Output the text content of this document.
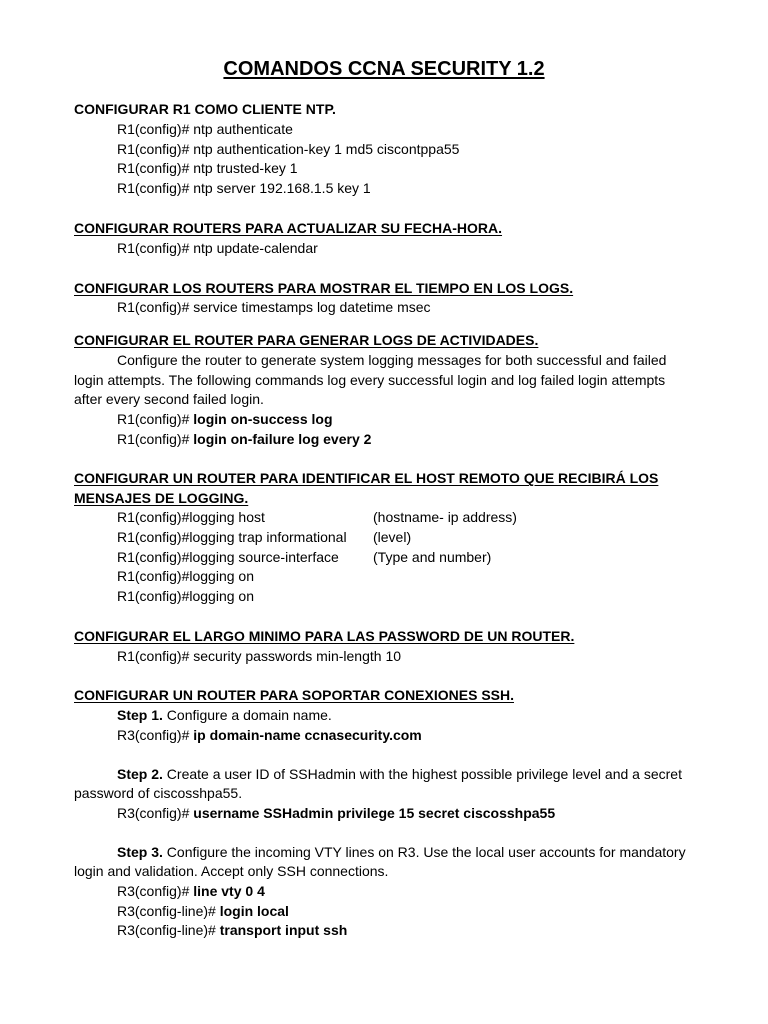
COMANDOS CCNA SECURITY 1.2
CONFIGURAR R1 COMO CLIENTE NTP.
R1(config)# ntp authenticate
R1(config)# ntp authentication-key 1 md5 ciscontppa55
R1(config)# ntp trusted-key 1
R1(config)# ntp server 192.168.1.5 key 1
CONFIGURAR ROUTERS PARA ACTUALIZAR SU FECHA-HORA.
R1(config)# ntp update-calendar
CONFIGURAR LOS ROUTERS PARA MOSTRAR EL TIEMPO EN LOS LOGS.
R1(config)# service timestamps log datetime msec
CONFIGURAR EL ROUTER PARA GENERAR LOGS DE ACTIVIDADES.
Configure the router to generate system logging messages for both successful and failed
login attempts. The following commands log every successful login and log failed login attempts
after every second failed login.
R1(config)# login on-success log
R1(config)# login on-failure log every 2
CONFIGURAR UN ROUTER PARA IDENTIFICAR EL HOST REMOTO QUE RECIBIRÁ LOS
MENSAJES DE LOGGING.
R1(config)#logging host	(hostname- ip address)
R1(config)#logging trap informational (level)
R1(config)#logging source-interface (Type and number)
R1(config)#logging on
R1(config)#logging on
CONFIGURAR EL LARGO MINIMO PARA LAS PASSWORD DE UN ROUTER.
R1(config)# security passwords min-length 10
CONFIGURAR UN ROUTER PARA SOPORTAR CONEXIONES SSH.
Step 1. Configure a domain name.
R3(config)# ip domain-name ccnasecurity.com
Step 2. Create a user ID of SSHadmin with the highest possible privilege level and a secret
password of ciscosshpa55.
R3(config)# username SSHadmin privilege 15 secret ciscosshpa55
Step 3. Configure the incoming VTY lines on R3. Use the local user accounts for mandatory
login and validation. Accept only SSH connections.
R3(config)# line vty 0 4
R3(config-line)# login local
R3(config-line)# transport input ssh
